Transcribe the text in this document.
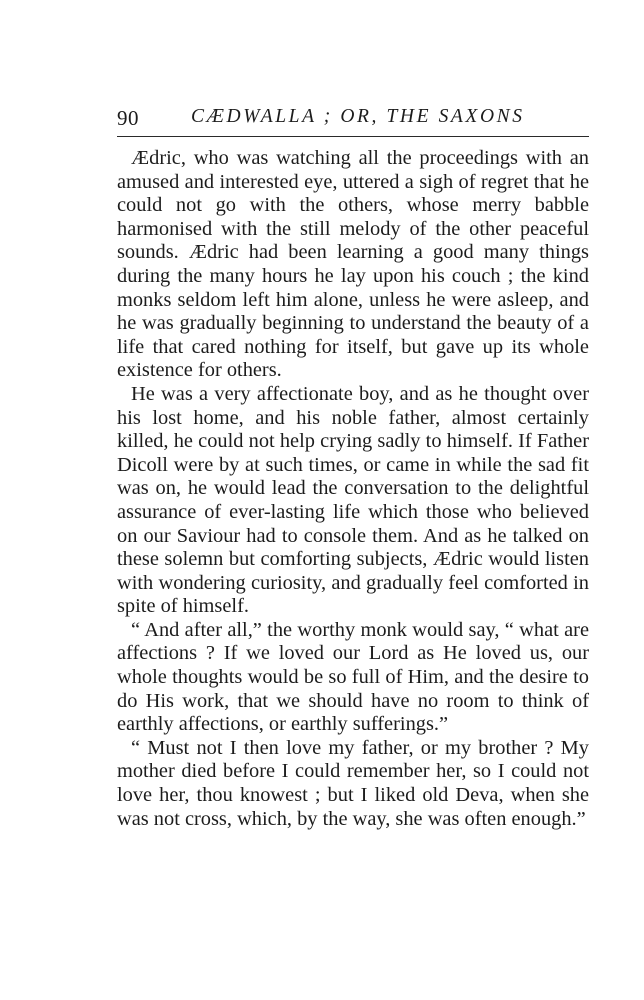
90	CÆDWALLA ; OR, THE SAXONS

Ædric, who was watching all the proceedings with an amused and interested eye, uttered a sigh of regret that he could not go with the others, whose merry babble harmonised with the still melody of the other peaceful sounds. Ædric had been learning a good many things during the many hours he lay upon his couch ; the kind monks seldom left him alone, unless he were asleep, and he was gradually beginning to understand the beauty of a life that cared nothing for itself, but gave up its whole existence for others.

He was a very affectionate boy, and as he thought over his lost home, and his noble father, almost certainly killed, he could not help crying sadly to himself. If Father Dicoll were by at such times, or came in while the sad fit was on, he would lead the conversation to the delightful assurance of ever-lasting life which those who believed on our Saviour had to console them. And as he talked on these solemn but comforting subjects, Ædric would listen with wondering curiosity, and gradually feel comforted in spite of himself.

“ And after all,” the worthy monk would say, “ what are affections ? If we loved our Lord as He loved us, our whole thoughts would be so full of Him, and the desire to do His work, that we should have no room to think of earthly affections, or earthly sufferings.”

“ Must not I then love my father, or my brother ? My mother died before I could remember her, so I could not love her, thou knowest ; but I liked old Deva, when she was not cross, which, by the way, she was often enough.”
